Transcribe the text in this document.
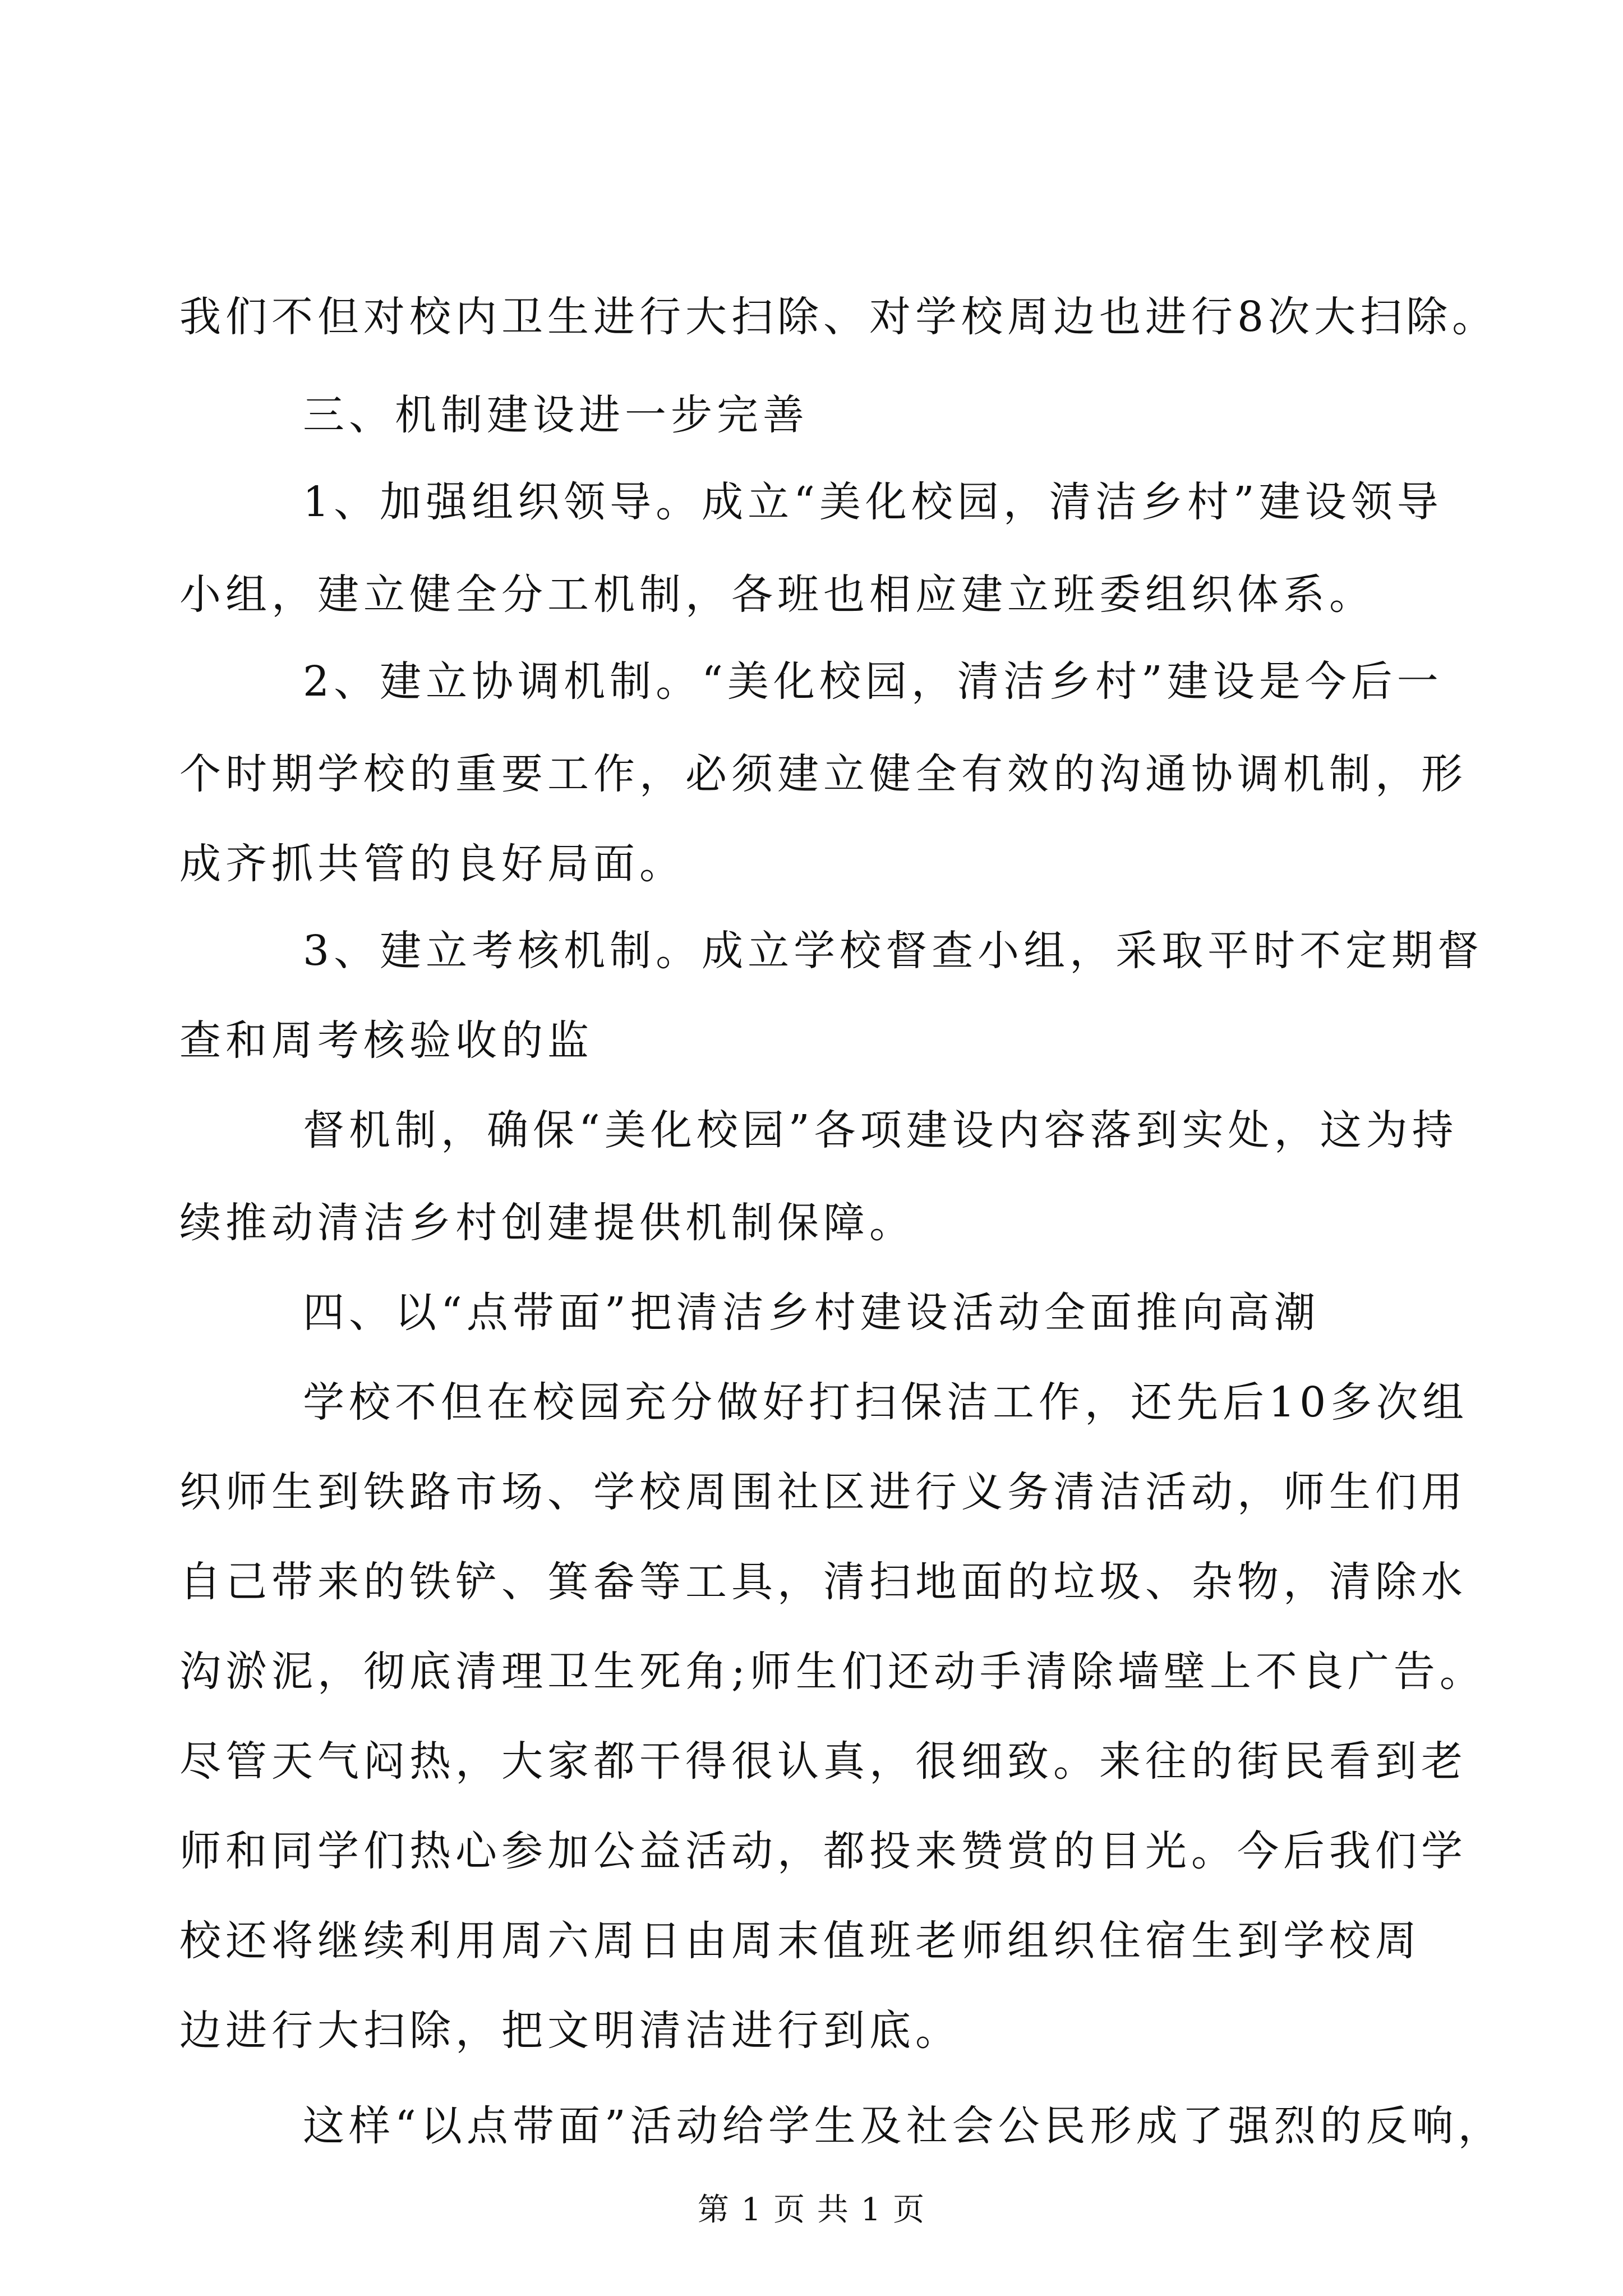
我们不但对校内卫生进行大扫除、对学校周边也进行8次大扫除。
三、机制建设进一步完善
1、加强组织领导。成立“美化校园，清洁乡村”建设领导
小组，建立健全分工机制，各班也相应建立班委组织体系。
2、建立协调机制。“美化校园，清洁乡村”建设是今后一
个时期学校的重要工作，必须建立健全有效的沟通协调机制，形
成齐抓共管的良好局面。
3、建立考核机制。成立学校督查小组，采取平时不定期督
查和周考核验收的监
督机制，确保“美化校园”各项建设内容落到实处，这为持
续推动清洁乡村创建提供机制保障。
四、以“点带面”把清洁乡村建设活动全面推向高潮
学校不但在校园充分做好打扫保洁工作，还先后10多次组
织师生到铁路市场、学校周围社区进行义务清洁活动，师生们用
自己带来的铁铲、箕畚等工具，清扫地面的垃圾、杂物，清除水
沟淤泥，彻底清理卫生死角;师生们还动手清除墙壁上不良广告。
尽管天气闷热，大家都干得很认真，很细致。来往的街民看到老
师和同学们热心参加公益活动，都投来赞赏的目光。今后我们学
校还将继续利用周六周日由周末值班老师组织住宿生到学校周
边进行大扫除，把文明清洁进行到底。
这样“以点带面”活动给学生及社会公民形成了强烈的反响，
第 1 页 共 1 页
